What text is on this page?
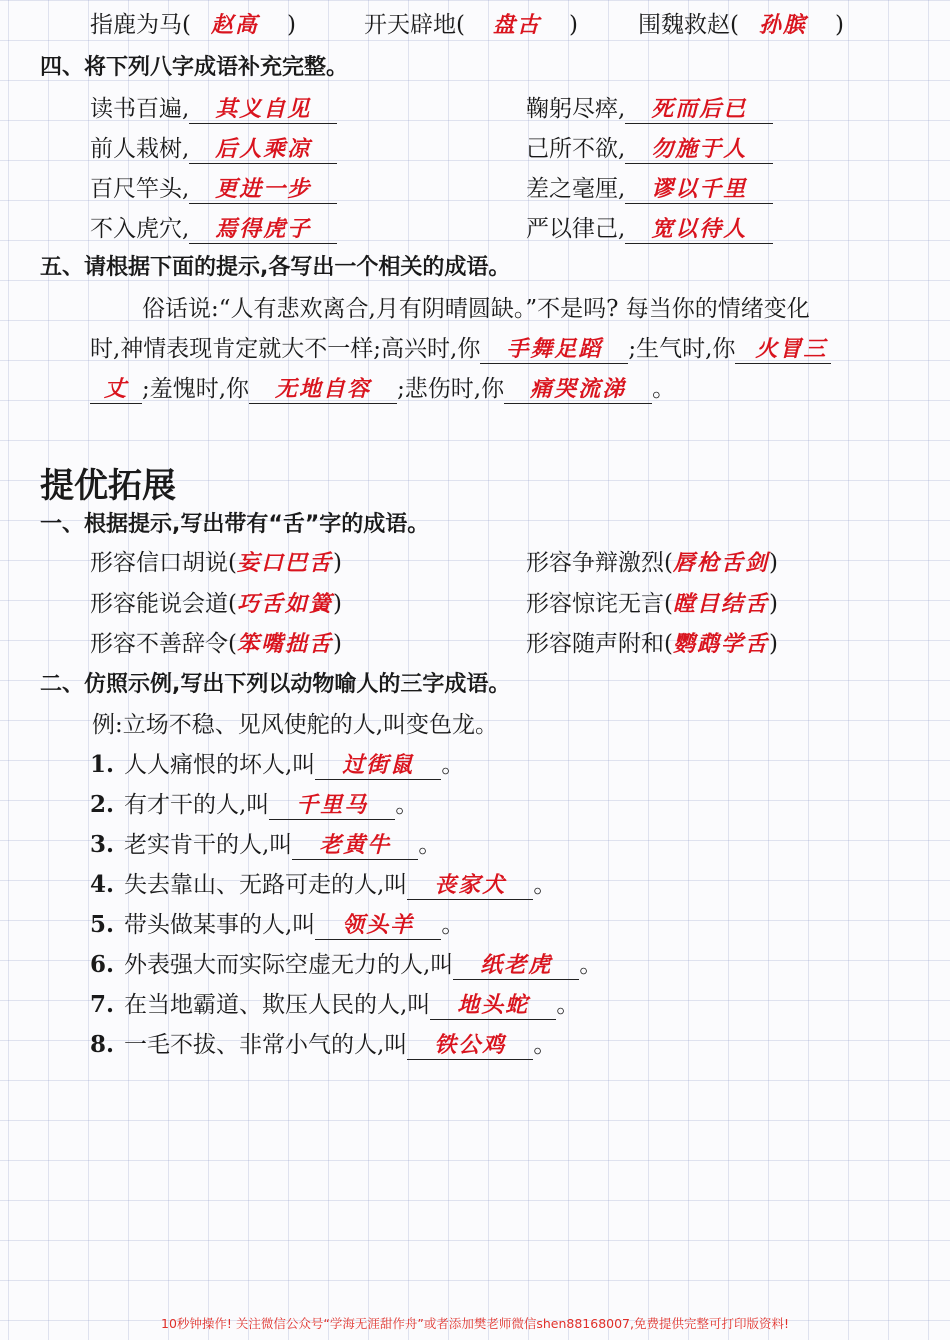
指鹿为马( 赵高 )	开天辟地( 盘古 )	围魏救赵( 孙膑 )
四、将下列八字成语补充完整。
读书百遍,	其义自见	鞠躬尽瘁,	死而后已
前人栽树,	后人乘凉	己所不欲,	勿施于人
百尺竿头,	更进一步	差之毫厘,	谬以千里
不入虎穴,	焉得虎子	严以律己,	宽以待人
五、请根据下面的提示,各写出一个相关的成语。
俗话说:“人有悲欢离合,月有阴晴圆缺。”不是吗? 每当你的情绪变化
时,神情表现肯定就大不一样;高兴时,你	手舞足蹈	;生气时,你 火冒三
丈 ;羞愧时,你	无地自容	;悲伤时,你	痛哭流涕	。
提优拓展
一、根据提示,写出带有“舌”字的成语。
形容信口胡说( 妄口巴舌 )	形容争辩激烈( 唇枪舌剑 )
形容能说会道( 巧舌如簧 )	形容惊诧无言( 瞠目结舌 )
形容不善辞令( 笨嘴拙舌 )	形容随声附和( 鹦鹉学舌 )
二、仿照示例,写出下列以动物喻人的三字成语。
例:立场不稳、见风使舵的人,叫变色龙。
1. 人人痛恨的坏人,叫	过街鼠	。
2. 有才干的人,叫	千里马	。
3. 老实肯干的人,叫	老黄牛	。
4. 失去靠山、无路可走的人,叫	丧家犬	。
5. 带头做某事的人,叫	领头羊	。
6. 外表强大而实际空虚无力的人,叫	纸老虎	。
7. 在当地霸道、欺压人民的人,叫	地头蛇	。
8. 一毛不拔、非常小气的人,叫	铁公鸡	。
10秒钟操作! 关注微信公众号“学海无涯甜作舟”或者添加樊老师微信shen88168007,免费提供完整可打印版资料!
